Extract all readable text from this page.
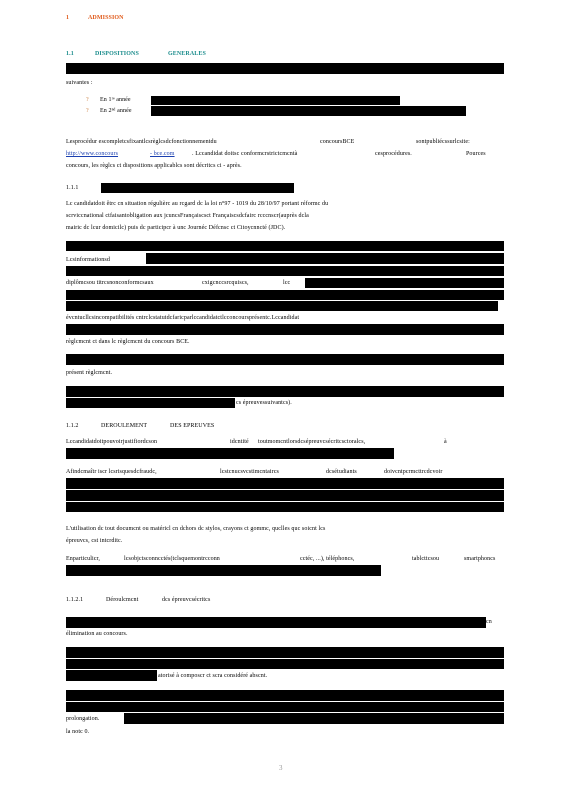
1	ADMISSION
1.1	DISPOSITIONS	GENERALES
suivantes :
? En 1ʳᵉ année
? En 2ⁿᵈ année
Lesprocédur escompletcsfixantlcsrèglcsdcfonctionnementdu	concoursBCE	sontpubliécssurlcsite:
http://www.concours	- bce.com	. Lccandidat doitsc conformcrstrictcmcntà	cesprocédures.	Pources
concours, les règlcs ct dispositions applicablcs sont décritcs ci - après.
1.1.1
Lc candidatdoit êtrc cn situation régulièrc au rcgard dc la loi n°97 - 1019 du 28/10/97 portant réformc du
scrviccnational ctfaisantobligation aux jcuncsFrançaiscsct Françaiscsdcfairc rcccnscr(auprès dcla
mairic dc lcur domicilc) puis dc participcr à unc Journéc Défcnsc ct Citoycnncté (JDC).
Lcsinformationsd
diplômcsou titrcsnonconformcsaux	cxigcnccsrcquiscs,	lcc
évcntucllcsincompatibilités cntrclcstatutdcfaricparlccandidatctlcconcoursprésentc.Lccandidat
règlcmcnt ct dans lc règlcmcnt du concours BCE.
présent règlcmcnt.
cs épreuvessuivantcs).
1.1.2	DEROULEMENT	DES EPREUVES
Lccandidatdoitpouvoirjustifiordcson	idcntité toutmomcntlorsdcsépreuvcsécritcsctoralcs,	à
Afindcmaîtr iscr lcsrisquesdcfraudc,	lcstcnucsvcstimcntaircs	dcsétudiants	doivcntpcrmcttrcdcvoir
L'utilisation dc tout documcnt ou matéricl cn dchors dc stylos, crayons ct gommc, quclles quc soicnt lcs
épreuvcs, cst intcrditc.
Enparticulicr,	lcsobjctsconncctés(tclsquemontrcconn	cctéc, ...), téléphoncs,	tablcttcsou	smartphoncs
1.1.2.1	Déroulcmcnt	dcs épreuvcsécritcs
cn
élimination au concours.
atorisé à composcr ct scra considéré abscnt.
prolongation.
la notc 0.
3
